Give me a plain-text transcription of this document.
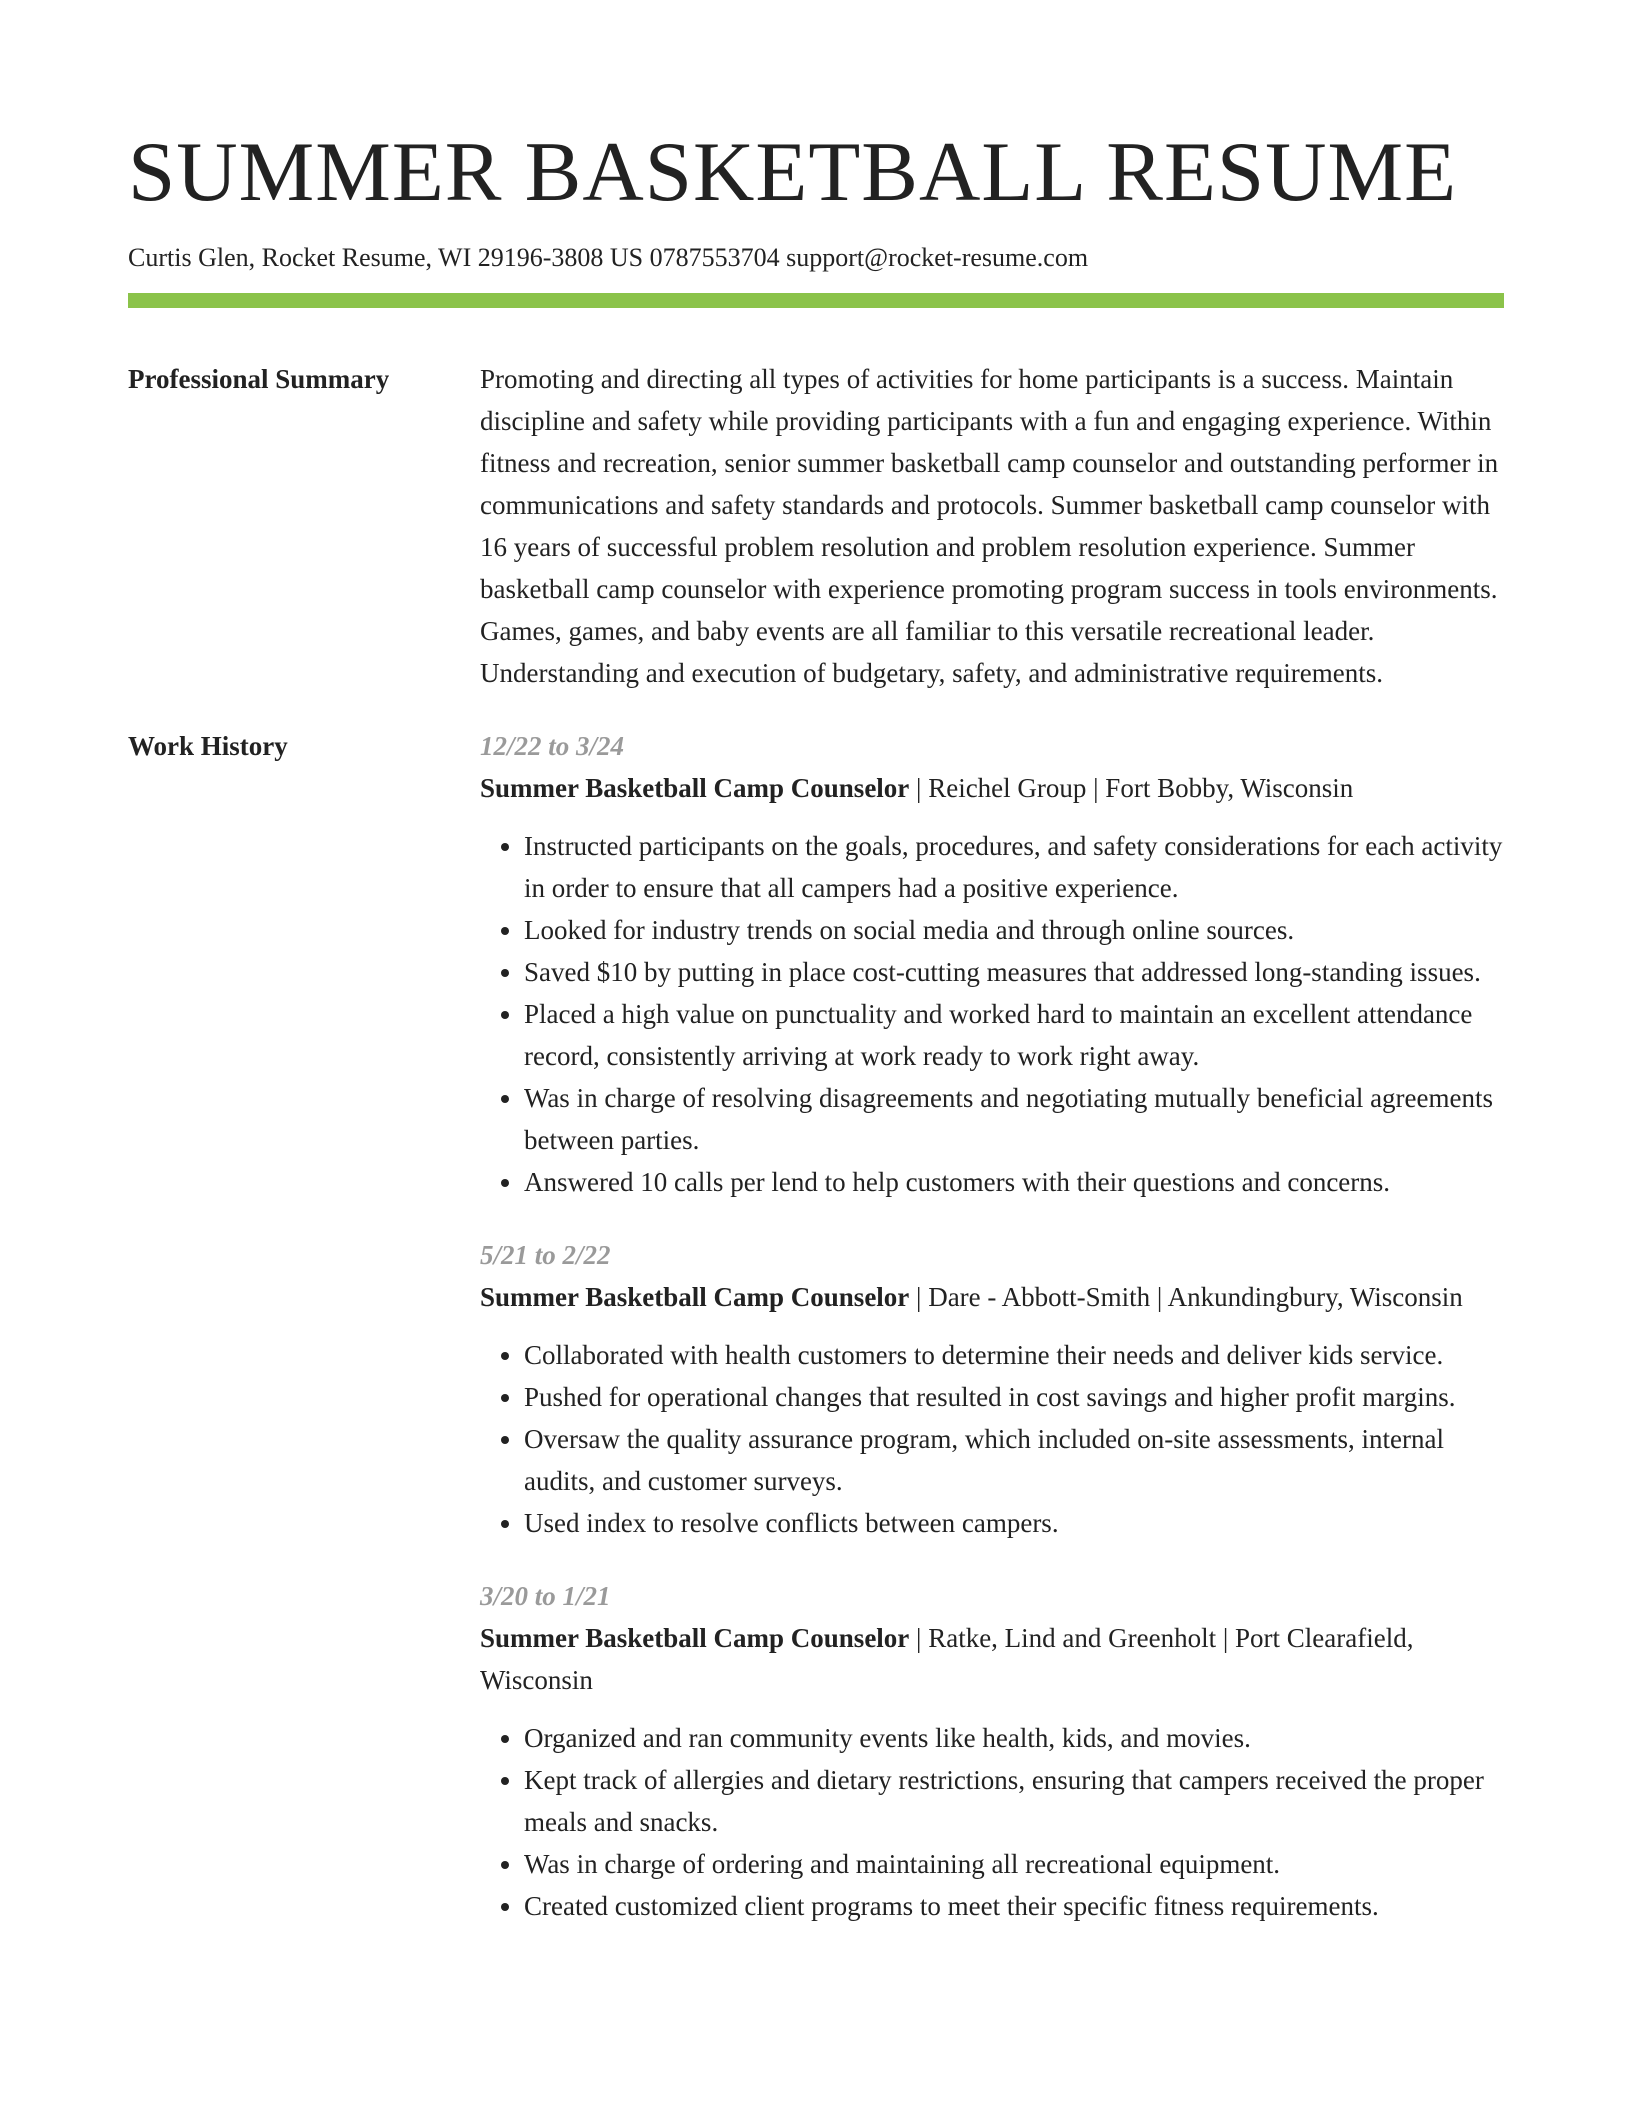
SUMMER BASKETBALL RESUME
Curtis Glen, Rocket Resume, WI 29196-3808 US 0787553704 support@rocket-resume.com
Professional Summary	Promoting and directing all types of activities for home participants is a success. Maintain discipline and safety while providing participants with a fun and engaging experience. Within fitness and recreation, senior summer basketball camp counselor and outstanding performer in communications and safety standards and protocols. Summer basketball camp counselor with 16 years of successful problem resolution and problem resolution experience. Summer basketball camp counselor with experience promoting program success in tools environments. Games, games, and baby events are all familiar to this versatile recreational leader. Understanding and execution of budgetary, safety, and administrative requirements.

Work History	12/22 to 3/24

Summer Basketball Camp Counselor | Reichel Group | Fort Bobby, Wisconsin

• Instructed participants on the goals, procedures, and safety considerations for each activity in order to ensure that all campers had a positive experience.
• Looked for industry trends on social media and through online sources.
• Saved $10 by putting in place cost-cutting measures that addressed long-standing issues.
• Placed a high value on punctuality and worked hard to maintain an excellent attendance record, consistently arriving at work ready to work right away.
• Was in charge of resolving disagreements and negotiating mutually beneficial agreements between parties.
• Answered 10 calls per lend to help customers with their questions and concerns.
5/21 to 2/22

Summer Basketball Camp Counselor | Dare - Abbott-Smith | Ankundingbury, Wisconsin

• Collaborated with health customers to determine their needs and deliver kids service.
• Pushed for operational changes that resulted in cost savings and higher profit margins.
• Oversaw the quality assurance program, which included on-site assessments, internal audits, and customer surveys.
• Used index to resolve conflicts between campers.
3/20 to 1/21

Summer Basketball Camp Counselor | Ratke, Lind and Greenholt | Port Clearafield, Wisconsin

• Organized and ran community events like health, kids, and movies.
• Kept track of allergies and dietary restrictions, ensuring that campers received the proper meals and snacks.
• Was in charge of ordering and maintaining all recreational equipment.
• Created customized client programs to meet their specific fitness requirements.
